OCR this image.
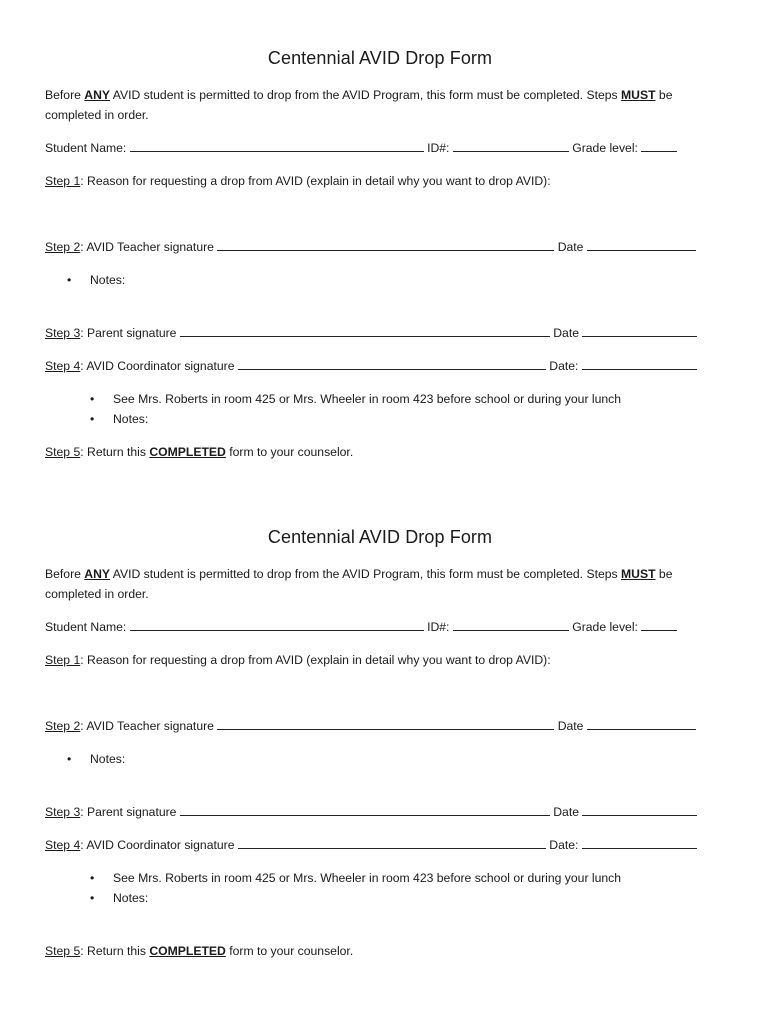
Centennial AVID Drop Form
Before ANY AVID student is permitted to drop from the AVID Program, this form must be completed. Steps MUST be completed in order.
Student Name:	ID#:	Grade level:
Step 1: Reason for requesting a drop from AVID (explain in detail why you want to drop AVID):
Step 2: AVID Teacher signature	Date
• Notes:
Step 3: Parent signature	Date
Step 4: AVID Coordinator signature	Date:
• See Mrs. Roberts in room 425 or Mrs. Wheeler in room 423 before school or during your lunch
• Notes:
Step 5: Return this COMPLETED form to your counselor.
Centennial AVID Drop Form
Before ANY AVID student is permitted to drop from the AVID Program, this form must be completed. Steps MUST be completed in order.
Student Name:	ID#:	Grade level:
Step 1: Reason for requesting a drop from AVID (explain in detail why you want to drop AVID):
Step 2: AVID Teacher signature	Date
• Notes:
Step 3: Parent signature	Date
Step 4: AVID Coordinator signature	Date:
• See Mrs. Roberts in room 425 or Mrs. Wheeler in room 423 before school or during your lunch
• Notes:
Step 5: Return this COMPLETED form to your counselor.
